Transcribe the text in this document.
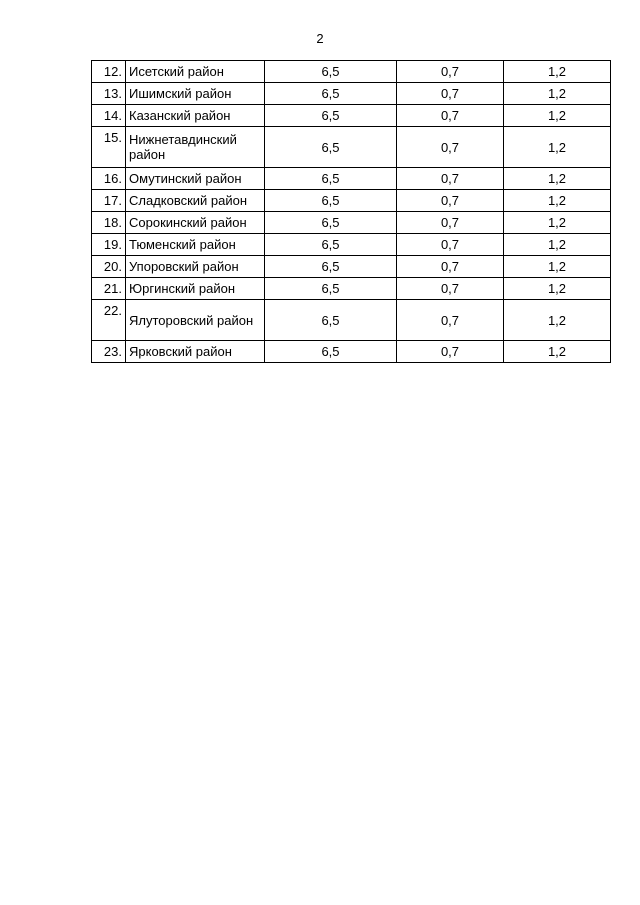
2
12.	Исетский район	6,5	0,7	1,2
13.	Ишимский район	6,5	0,7	1,2
14.	Казанский район	6,5	0,7	1,2
15.	Нижнетавдинский район	6,5	0,7	1,2
16.	Омутинский район	6,5	0,7	1,2
17.	Сладковский район	6,5	0,7	1,2
18.	Сорокинский район	6,5	0,7	1,2
19.	Тюменский район	6,5	0,7	1,2
20.	Упоровский район	6,5	0,7	1,2
21.	Юргинский район	6,5	0,7	1,2
22.	Ялуторовский район	6,5	0,7	1,2
23.	Ярковский район	6,5	0,7	1,2
